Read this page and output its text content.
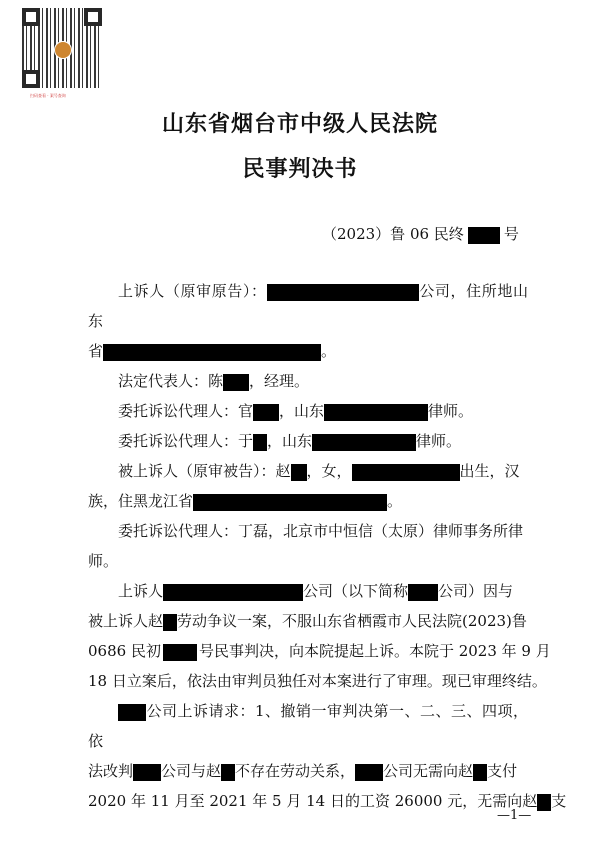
扫码查看 · 案号查询
山东省烟台市中级人民法院
民事判决书
（2023）鲁 06 民终	号

上诉人（原审原告）：	公司，住所地山东
省	。

法定代表人：陈 ，经理。

委托诉讼代理人：官 ，山东	律师。

委托诉讼代理人：于 ，山东	律师。

被上诉人（原审被告）：赵 ，女，	出生，汉
族，住黑龙江省	。

委托诉讼代理人：丁磊，北京市中恒信（太原）律师事务所律
师。

上诉人	公司（以下简称 公司）因与
被上诉人赵 劳动争议一案，不服山东省栖霞市人民法院(2023)鲁
0686 民初	号民事判决，向本院提起上诉。本院于 2023 年 9 月
18 日立案后，依法由审判员独任对本案进行了审理。现已审理终结。

公司上诉请求：1、撤销一审判决第一、二、三、四项，依
法改判 公司与赵 不存在劳动关系， 公司无需向赵 支付
2020 年 11 月至 2021 年 5 月 14 日的工资 26000 元，无需向赵 支

—1—
